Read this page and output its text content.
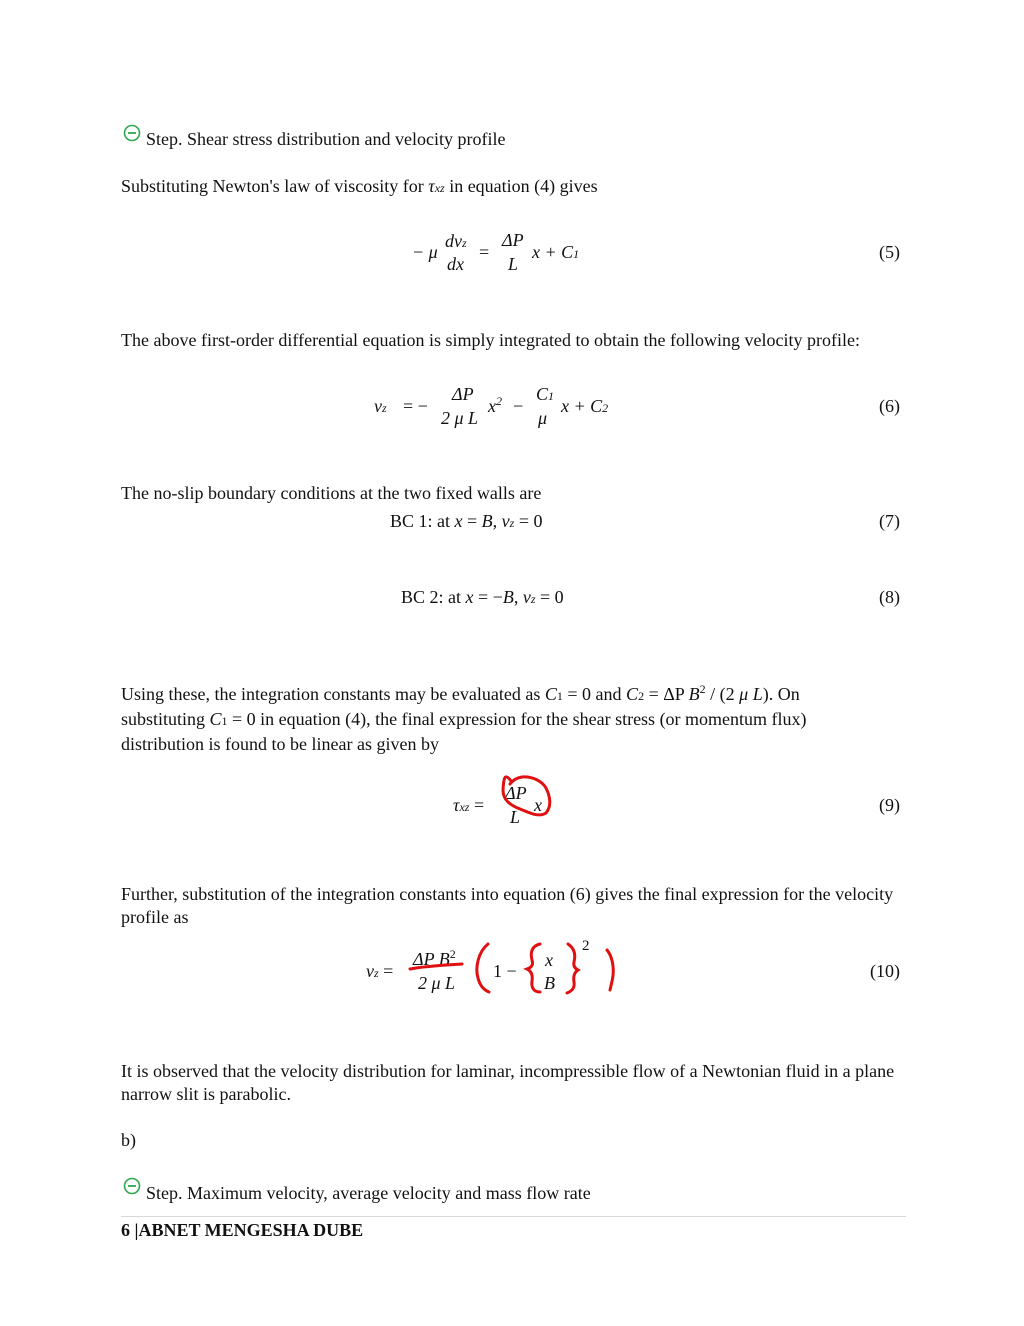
Step. Shear stress distribution and velocity profile
Substituting Newton's law of viscosity for τxz in equation (4) gives
− μ
dvz
dx
=
ΔP
L
x + C1	(5)
The above first-order differential equation is simply integrated to obtain the following velocity profile:
vz = −
ΔP
2 μ L
$x^2$ −
C1
μ
x + C2	(6)
The no-slip boundary conditions at the two fixed walls are
BC 1: at x = B, vz = 0	(7)
BC 2: at x = −B, vz = 0	(8)
Using these, the integration constants may be evaluated as C1 = 0 and C2 = ΔP $B^2 / (2$ μ L). On
substituting C1 = 0 in equation (4), the final expression for the shear stress (or momentum flux)
distribution is found to be linear as given by
τxz =
ΔP
L
x	(9)
Further, substitution of the integration constants into equation (6) gives the final expression for the velocity profile as
vz =
ΔP $B^2$
2 μ L
1 −
x
B
2
(10)
It is observed that the velocity distribution for laminar, incompressible flow of a Newtonian fluid in a plane narrow slit is parabolic.
b)
Step. Maximum velocity, average velocity and mass flow rate
6 |ABNET MENGESHA DUBE
